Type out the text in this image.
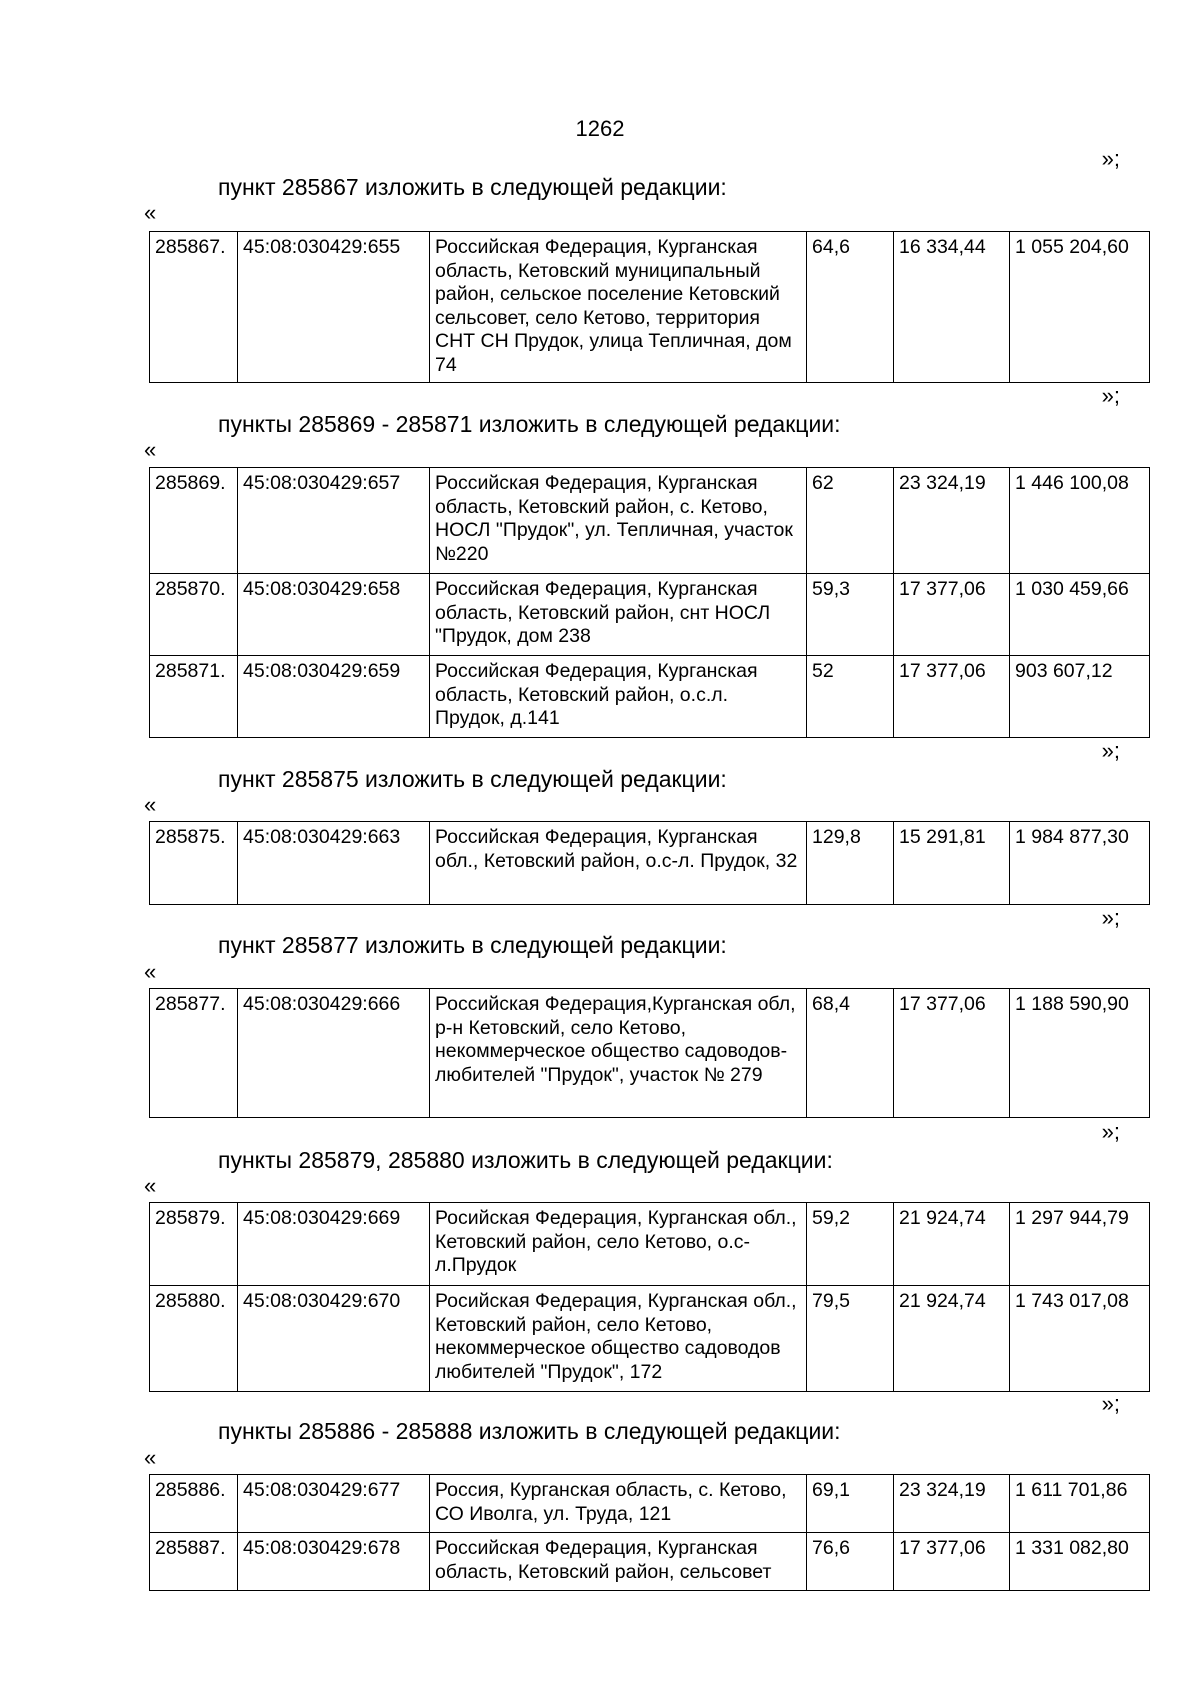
1262
»;
пункт 285867 изложить в следующей редакции:
«
285867.	45:08:030429:655	Российская Федерация, Курганская область, Кетовский муниципальный район, сельское поселение Кетовский сельсовет, село Кетово, территория СНТ СН Прудок, улица Тепличная, дом 74	64,6	16 334,44	1 055 204,60
»;
пункты 285869 - 285871 изложить в следующей редакции:
«
285869.	45:08:030429:657	Российская Федерация, Курганская область, Кетовский район, с. Кетово, НОСЛ "Прудок", ул. Тепличная, участок №220	62	23 324,19	1 446 100,08
285870.	45:08:030429:658	Российская Федерация, Курганская область, Кетовский район, снт НОСЛ "Прудок, дом 238	59,3	17 377,06	1 030 459,66
285871.	45:08:030429:659	Российская Федерация, Курганская область, Кетовский район, о.с.л. Прудок, д.141	52	17 377,06	903 607,12
»;
пункт 285875 изложить в следующей редакции:
«
285875.	45:08:030429:663	Российская Федерация, Курганская обл., Кетовский район, о.с-л. Прудок, 32	129,8	15 291,81	1 984 877,30
»;
пункт 285877 изложить в следующей редакции:
«
285877.	45:08:030429:666	Российская Федерация,Курганская обл, р-н Кетовский, село Кетово, некоммерческое общество садоводов-любителей "Прудок", участок № 279	68,4	17 377,06	1 188 590,90
»;
пункты 285879, 285880 изложить в следующей редакции:
«
285879.	45:08:030429:669	Росийская Федерация, Курганская обл., Кетовский район, село Кетово, о.с-л.Прудок	59,2	21 924,74	1 297 944,79
285880.	45:08:030429:670	Росийская Федерация, Курганская обл., Кетовский район, село Кетово, некоммерческое общество садоводов любителей "Прудок", 172	79,5	21 924,74	1 743 017,08
»;
пункты 285886 - 285888 изложить в следующей редакции:
«
285886.	45:08:030429:677	Россия, Курганская область, с. Кетово, СО Иволга, ул. Труда, 121	69,1	23 324,19	1 611 701,86
285887.	45:08:030429:678	Российская Федерация, Курганская область, Кетовский район, сельсовет	76,6	17 377,06	1 331 082,80
